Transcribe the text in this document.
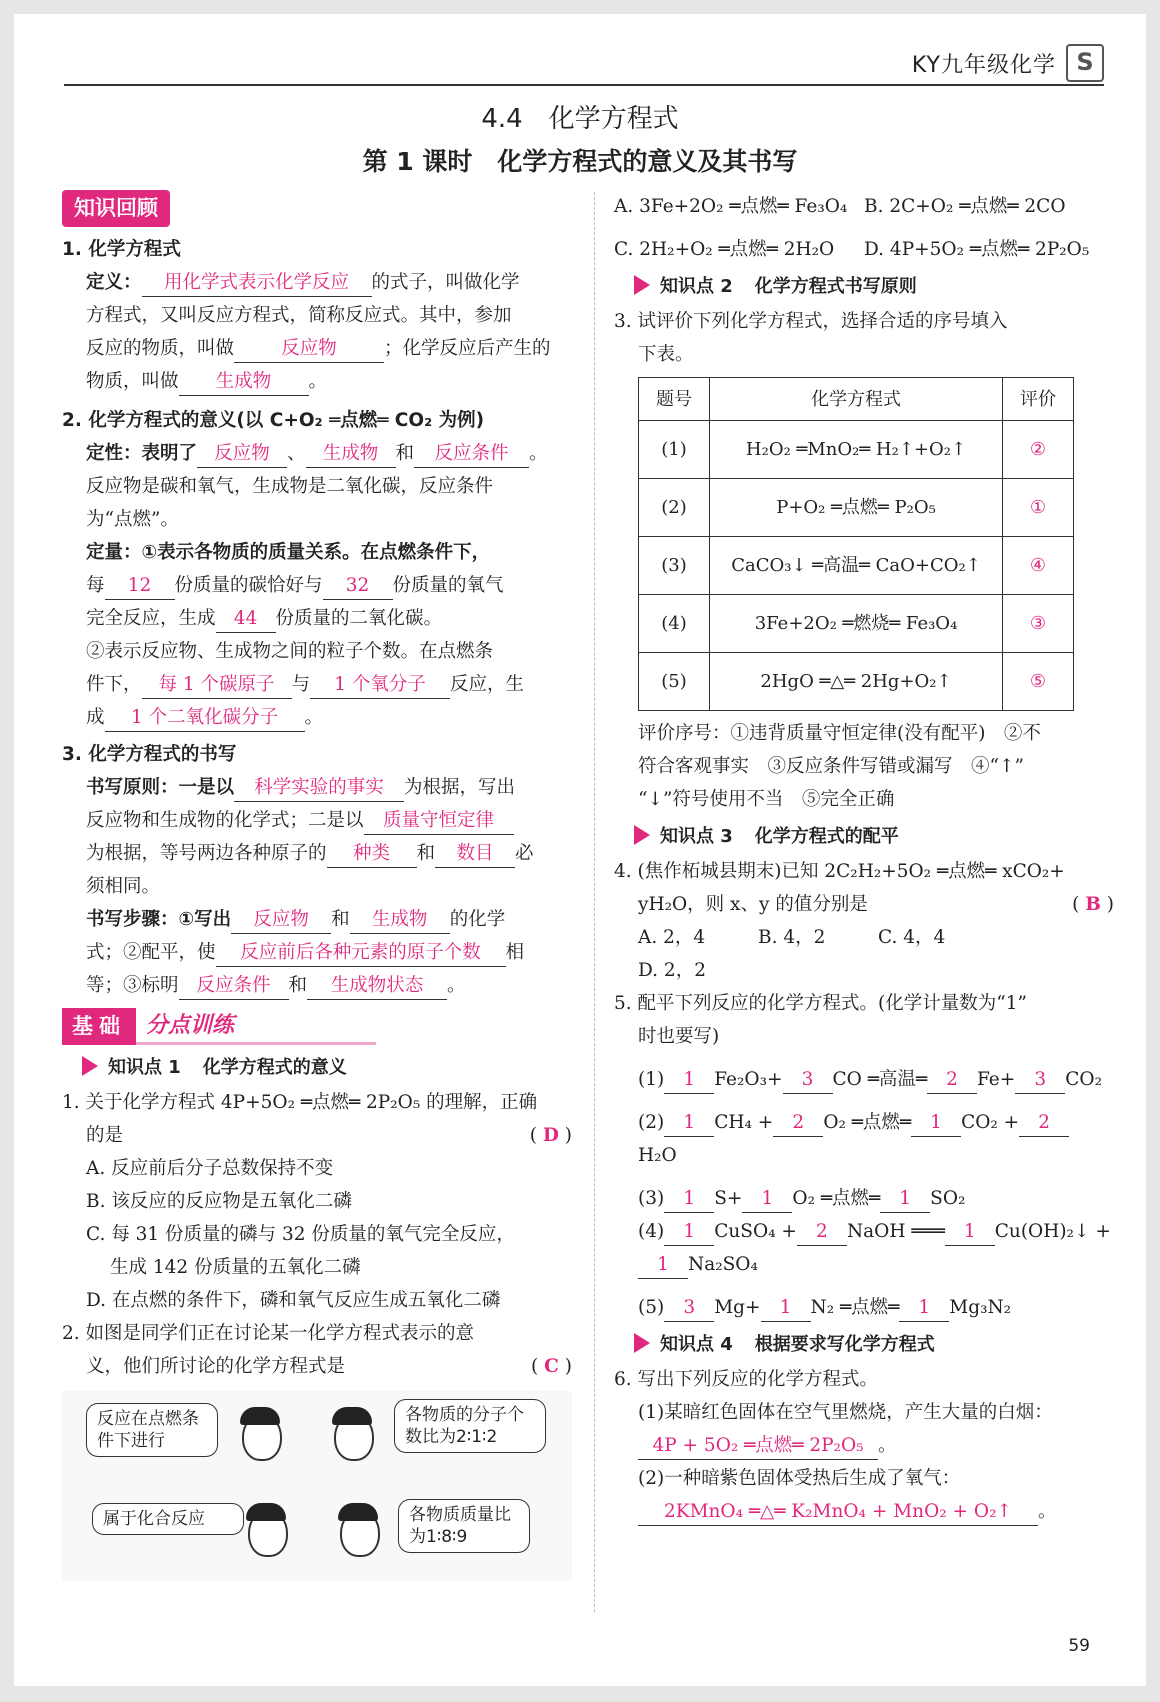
KY九年级化学 S
4.4　化学方程式
第 1 课时　化学方程式的意义及其书写
知识回顾

1. 化学方程式

定义： 用化学式表示化学反应 的式子，叫做化学

方程式，又叫反应方程式，简称反应式。其中，参加

反应的物质，叫做	反应物	；化学反应后产生的

物质，叫做 生成物 。

2. 化学方程式的意义(以 C+O₂ ═点燃═ CO₂ 为例)

定性：表明了 反应物 、 生成物 和 反应条件 。

反应物是碳和氧气，生成物是二氧化碳，反应条件

为“点燃”。

定量：①表示各物质的质量关系。在点燃条件下，

每 12 份质量的碳恰好与 32 份质量的氧气

完全反应，生成 44 份质量的二氧化碳。

②表示反应物、生成物之间的粒子个数。在点燃条

件下， 每 1 个碳原子 与 1 个氧分子 反应，生

成 1 个二氧化碳分子 。

3. 化学方程式的书写

书写原则：一是以 科学实验的事实 为根据，写出

反应物和生成物的化学式；二是以 质量守恒定律

为根据，等号两边各种原子的 种类 和 数目 必

须相同。

书写步骤：①写出 反应物 和 生成物 的化学

式；②配平，使 反应前后各种元素的原子个数 相

等；③标明 反应条件 和 生成物状态 。

基础 分点训练
知识点 1 化学方程式的意义

1. 关于化学方程式 4P+5O₂ ═点燃═ 2P₂O₅ 的理解，正确

的是	( D )

A. 反应前后分子总数保持不变

B. 该反应的反应物是五氧化二磷

C. 每 31 份质量的磷与 32 份质量的氧气完全反应，

生成 142 份质量的五氧化二磷

D. 在点燃的条件下，磷和氧气反应生成五氧化二磷

2. 如图是同学们正在讨论某一化学方程式表示的意

义，他们所讨论的化学方程式是	( C )

反应在点燃条件下进行
各物质的分子个数比为2∶1∶2
属于化合反应	各物质质量比为1∶8∶9

A. 3Fe+2O₂ ═点燃═ Fe₃O₄ B. 2C+O₂ ═点燃═ 2CO

C. 2H₂+O₂ ═点燃═ 2H₂O D. 4P+5O₂ ═点燃═ 2P₂O₅

知识点 2 化学方程式书写原则

3. 试评价下列化学方程式，选择合适的序号填入

下表。

题号	化学方程式	评价
(1)	H₂O₂ ═MnO₂═ H₂↑+O₂↑	②
(2)	P+O₂ ═点燃═ P₂O₅	①
(3)	CaCO₃↓ ═高温═ CaO+CO₂↑	④
(4)	3Fe+2O₂ ═燃烧═ Fe₃O₄	③
(5)	2HgO ═△═ 2Hg+O₂↑	⑤

评价序号：①违背质量守恒定律(没有配平)　②不

符合客观事实　③反应条件写错或漏写　④“↑”

“↓”符号使用不当　⑤完全正确

知识点 3 化学方程式的配平

4. (焦作柘城县期末)已知 2C₂H₂+5O₂ ═点燃═ xCO₂+

yH₂O，则 x、y 的值分别是	( B )

A. 2，4	B. 4，2	C. 4，4D. 2，2

5. 配平下列反应的化学方程式。(化学计量数为“1”

时也要写)

(1) 1 Fe₂O₃+ 3 CO ═高温═ 2 Fe+ 3 CO₂

(2) 1 CH₄ + 2 O₂ ═点燃═ 1 CO₂ + 2

H₂O

(3) 1 S+ 1 O₂ ═点燃═ 1 SO₂

(4) 1 CuSO₄ + 2 NaOH ═══ 1 Cu(OH)₂↓ +

1 Na₂SO₄

(5) 3 Mg+ 1 N₂ ═点燃═ 1 Mg₃N₂

知识点 4 根据要求写化学方程式

6. 写出下列反应的化学方程式。

(1)某暗红色固体在空气里燃烧，产生大量的白烟：

4P + 5O₂ ═点燃═ 2P₂O₅ 。

(2)一种暗紫色固体受热后生成了氧气：

2KMnO₄ ═△═ K₂MnO₄ + MnO₂ + O₂↑ 。

59
